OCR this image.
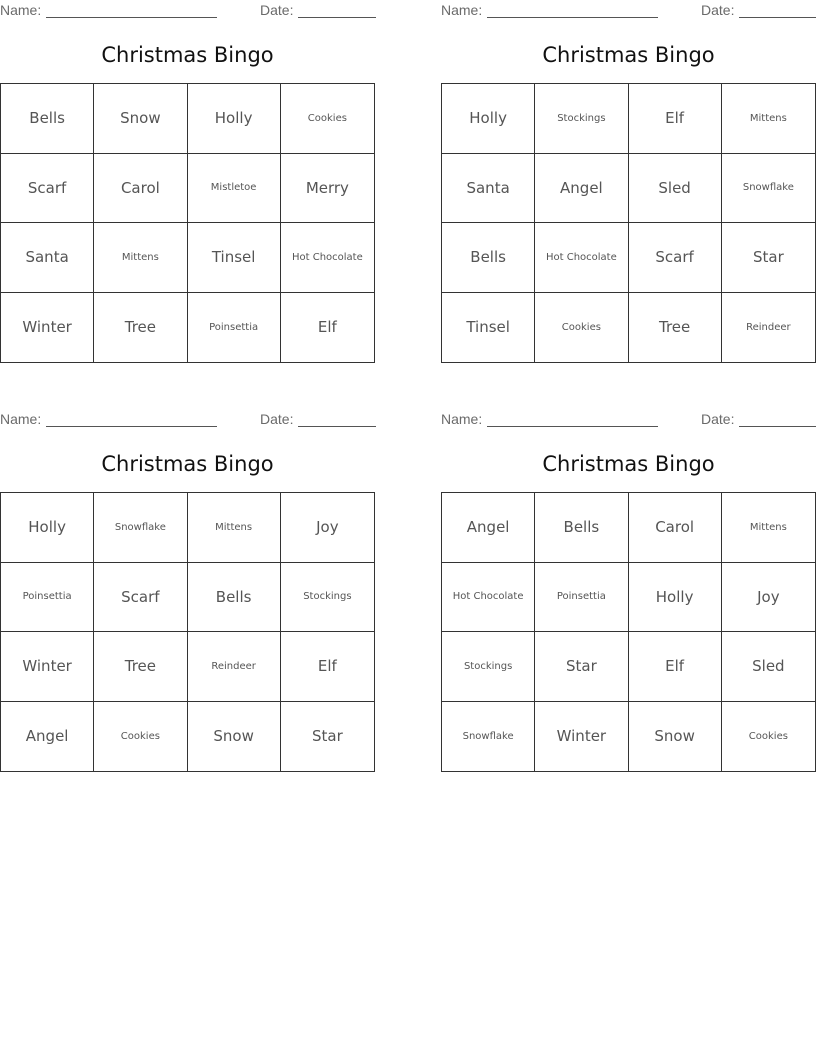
Name:	Date:
Christmas Bingo
Bells	Snow	Holly	Cookies
Scarf	Carol	Mistletoe	Merry
Santa	Mittens	Tinsel	Hot Chocolate
Winter	Tree	Poinsettia	Elf
Name:	Date:
Christmas Bingo
Holly	Stockings	Elf	Mittens
Santa	Angel	Sled	Snowflake
Bells	Hot Chocolate	Scarf	Star
Tinsel	Cookies	Tree	Reindeer
Name:	Date:
Christmas Bingo
Holly	Snowflake	Mittens	Joy
Poinsettia	Scarf	Bells	Stockings
Winter	Tree	Reindeer	Elf
Angel	Cookies	Snow	Star
Name:	Date:
Christmas Bingo
Angel	Bells	Carol	Mittens
Hot Chocolate	Poinsettia	Holly	Joy
Stockings	Star	Elf	Sled
Snowflake	Winter	Snow	Cookies
